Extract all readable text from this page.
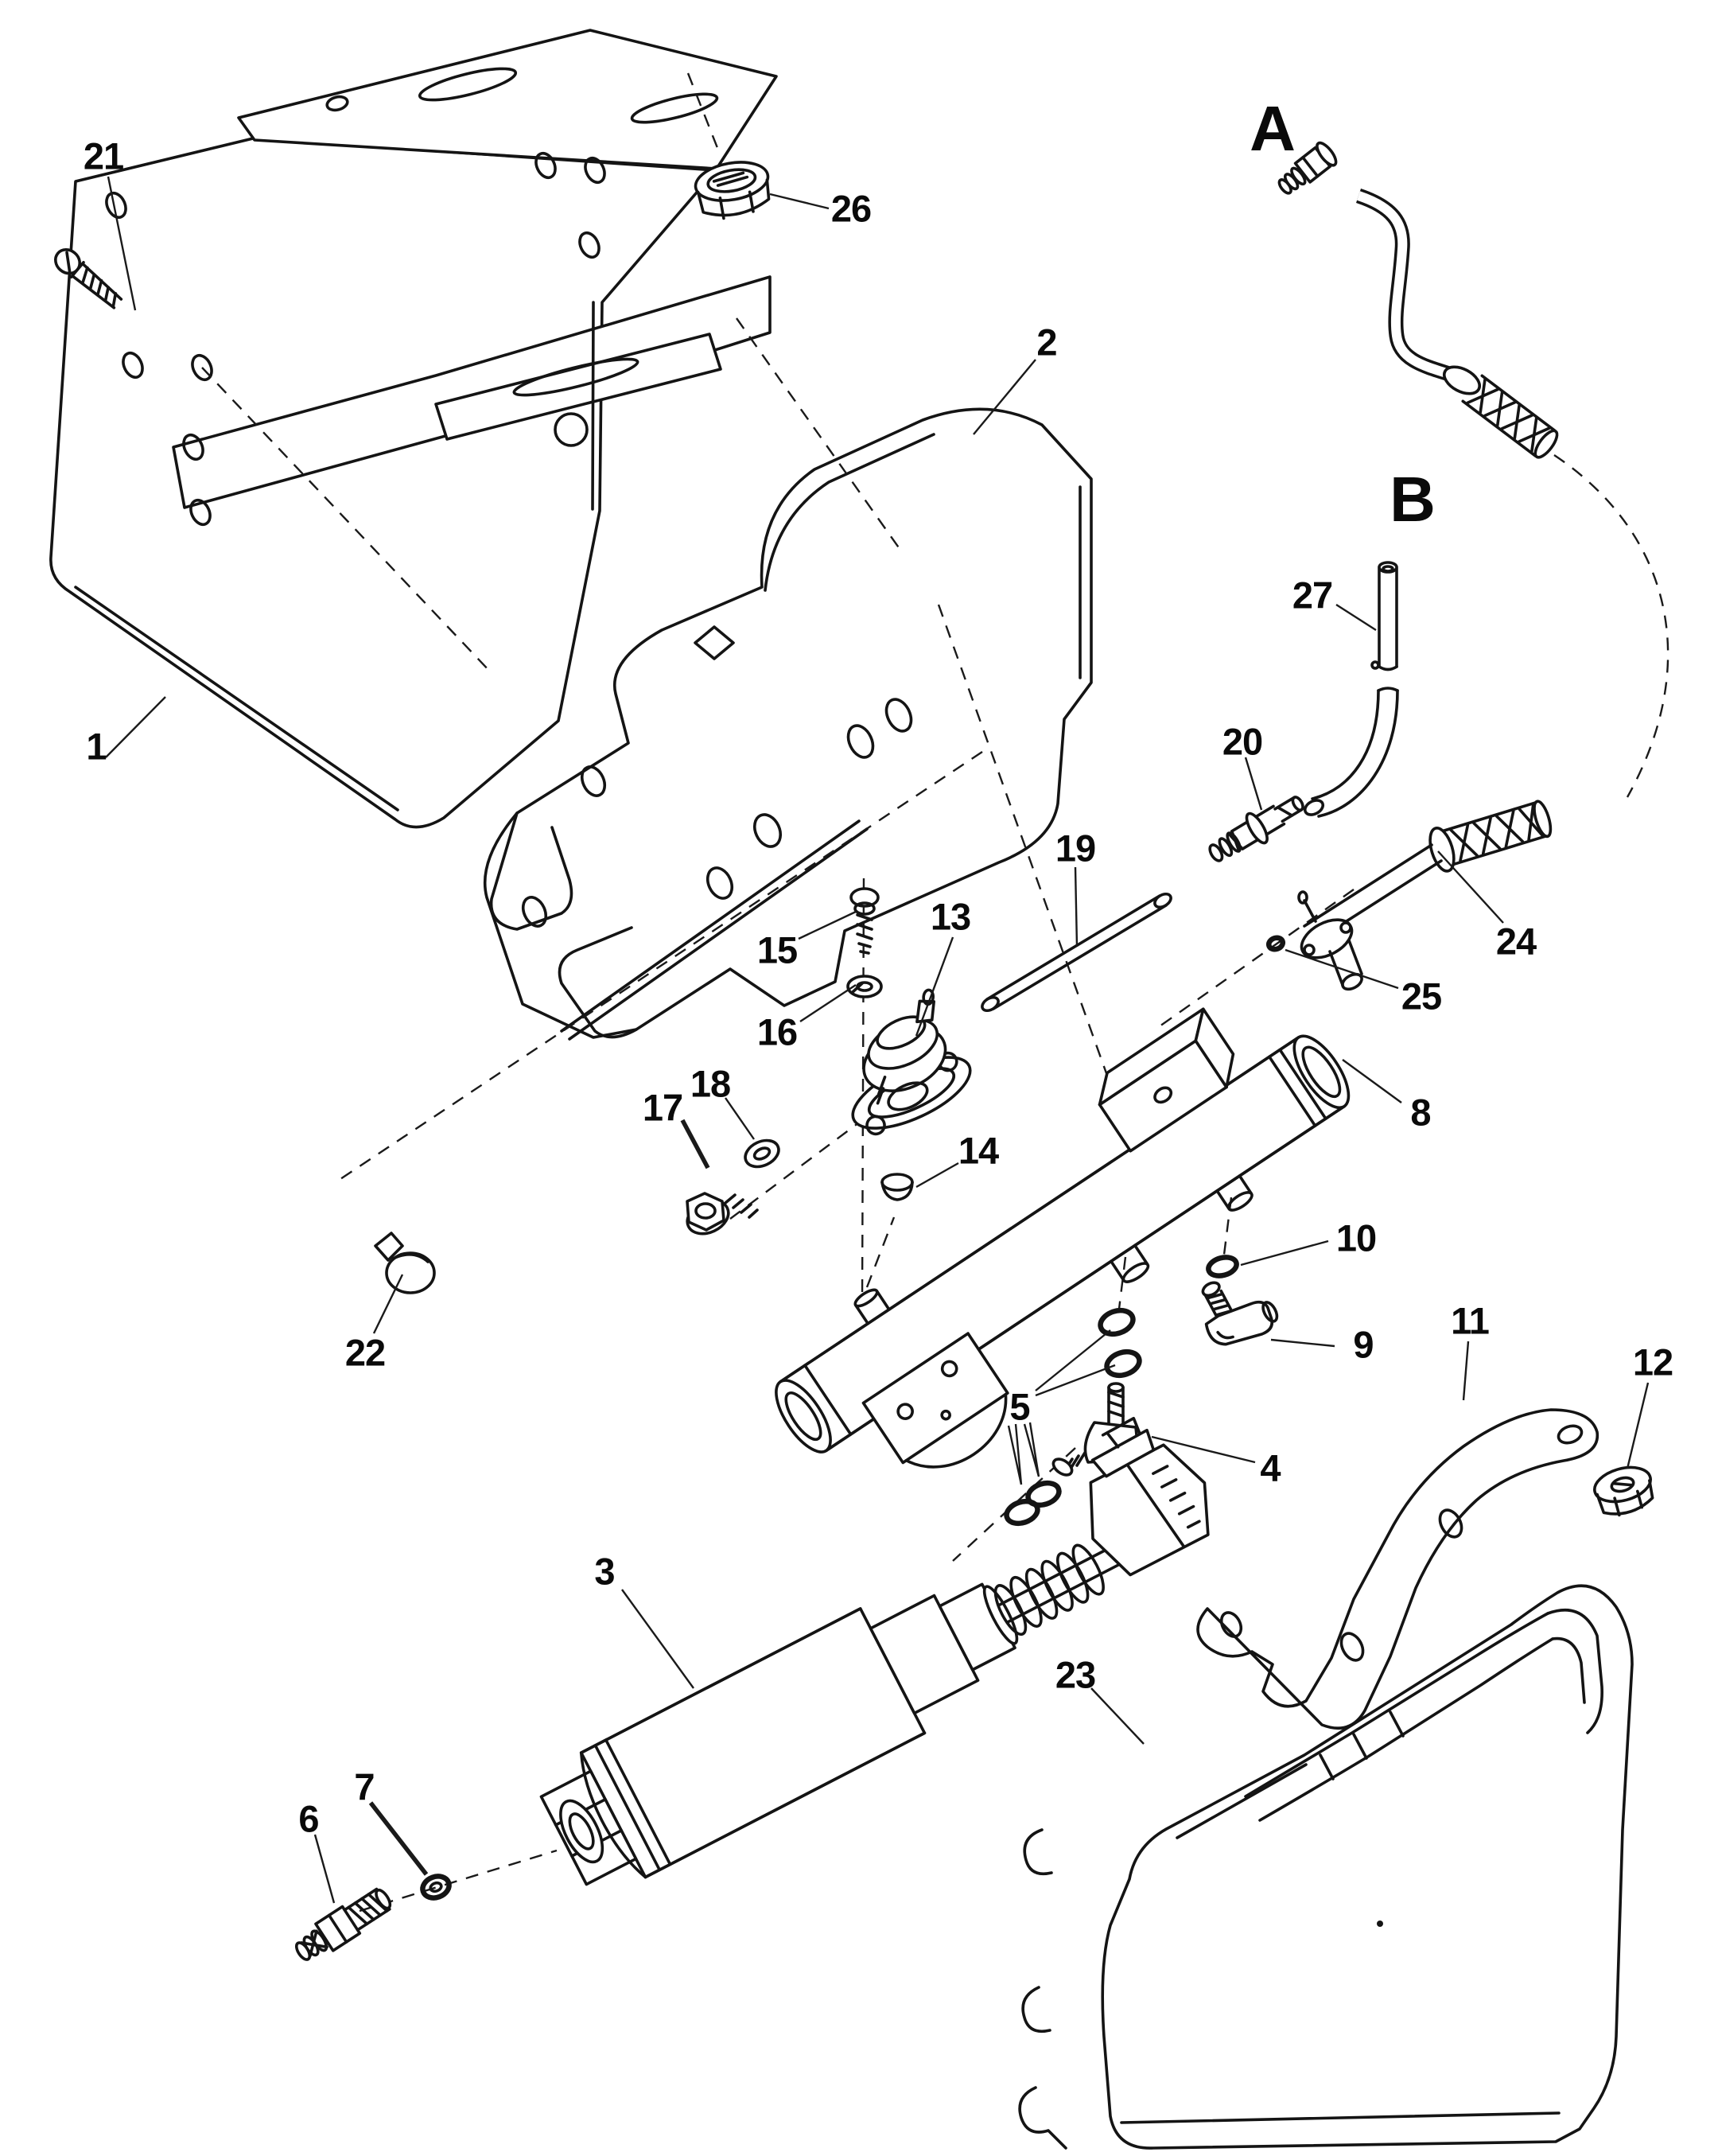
1
2
3
4
5
6
7
8
9
10
11
12
13
14
15
16
17
18
19
20
21
22
23
24
25
26
27
A
B
